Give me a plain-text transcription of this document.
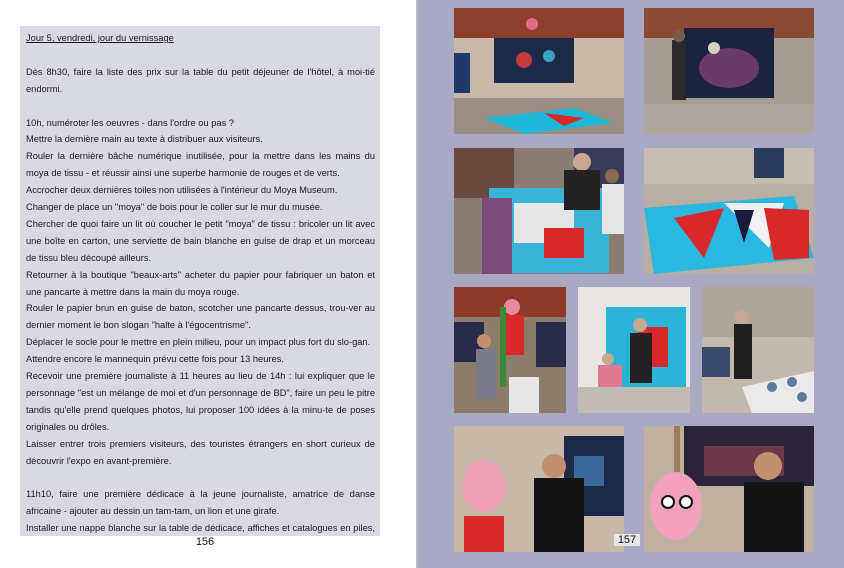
Jour 5, vendredi, jour du vernissage

Dès 8h30, faire la liste des prix sur la table du petit déjeuner de l'hôtel, à moi-tié endormi.

10h, numéroter les oeuvres - dans l'ordre ou pas ?

Mettre la dernière main au texte à distribuer aux visiteurs.

Rouler la dernière bâche numérique inutilisée, pour la mettre dans les mains du moya de tissu - et réussir ainsi une superbe harmonie de rouges et de verts.

Accrocher deux dernières toiles non utilisées à l'intérieur du Moya Museum.

Changer de place un "moya" de bois pour le coller sur le mur du musée.

Chercher de quoi faire un lit où coucher le petit "moya" de tissu : bricoler un lit avec une boîte en carton, une serviette de bain blanche en guise de drap et un morceau de tissu bleu découpé ailleurs.

Retourner à la boutique "beaux-arts" acheter du papier pour fabriquer un baton et une pancarte à mettre dans la main du moya rouge.

Rouler le papier brun en guise de baton, scotcher une pancarte dessus, trou-ver au dernier moment le bon slogan "halte à l'égocentrisme".

Déplacer le socle pour le mettre en plein milieu, pour un impact plus fort du slo-gan.

Attendre encore le mannequin prévu cette fois pour 13 heures.

Recevoir une première journaliste à 11 heures au lieu de 14h : lui expliquer que le personnage "est un mélange de moi et d'un personnage de BD", faire un peu le pitre tandis qu'elle prend quelques photos, lui proposer 100 idées à la minu-te de poses originales ou drôles.

Laisser entrer trois premiers visiteurs, des touristes étrangers en short curieux de découvrir l'expo en avant-première.

11h10, faire une première dédicace à la jeune journaliste, amatrice de danse africaine - ajouter au dessin un tam-tam, un lion et une girafe.

Installer une nappe blanche sur la table de dédicace, affiches et catalogues en piles,

156	157
